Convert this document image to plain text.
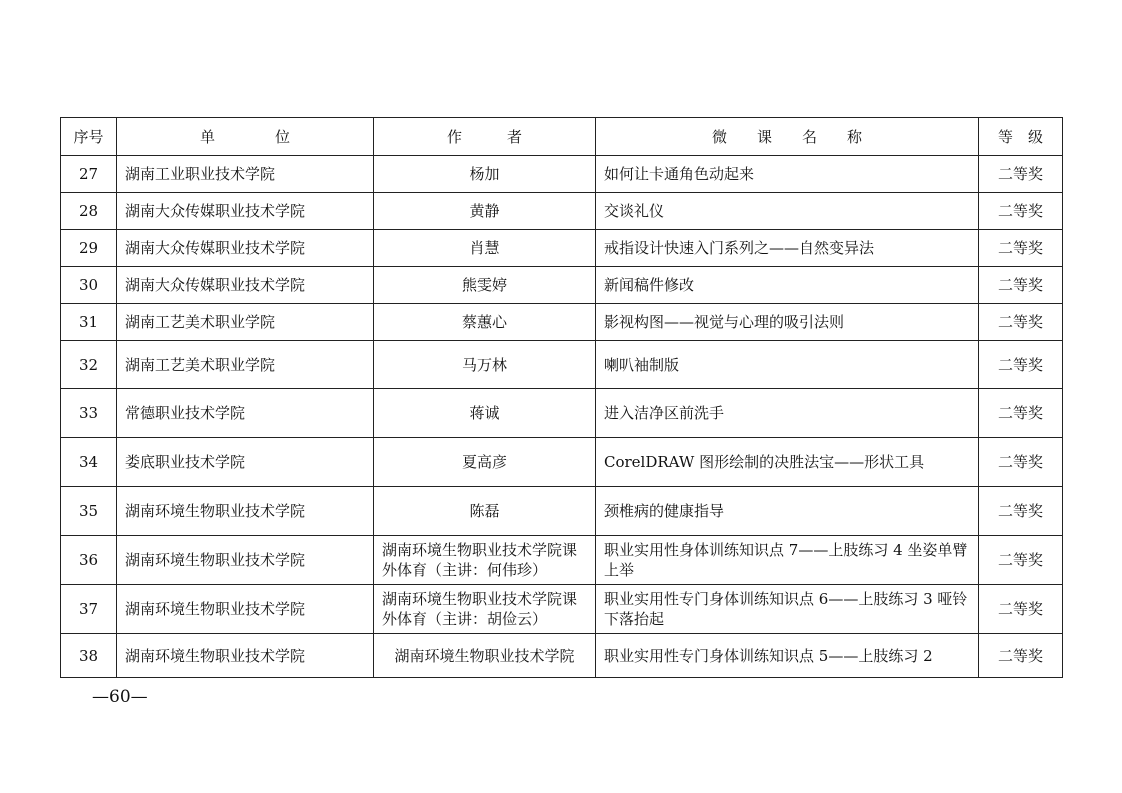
序号	单　　　　位	作　　　者	微　　课　　名　　称	等　级
27	湖南工业职业技术学院	杨加	如何让卡通角色动起来	二等奖
28	湖南大众传媒职业技术学院	黄静	交谈礼仪	二等奖
29	湖南大众传媒职业技术学院	肖慧	戒指设计快速入门系列之——自然变异法	二等奖
30	湖南大众传媒职业技术学院	熊雯婷	新闻稿件修改	二等奖
31	湖南工艺美术职业学院	蔡蕙心	影视构图——视觉与心理的吸引法则	二等奖
32	湖南工艺美术职业学院	马万林	喇叭袖制版	二等奖
33	常德职业技术学院	蒋诚	进入洁净区前洗手	二等奖
34	娄底职业技术学院	夏高彦	CorelDRAW 图形绘制的决胜法宝——形状工具	二等奖
35	湖南环境生物职业技术学院	陈磊	颈椎病的健康指导	二等奖
36	湖南环境生物职业技术学院	湖南环境生物职业技术学院课外体育（主讲：何伟珍）	职业实用性身体训练知识点 7——上肢练习 4 坐姿单臂上举	二等奖
37	湖南环境生物职业技术学院	湖南环境生物职业技术学院课外体育（主讲：胡俭云）	职业实用性专门身体训练知识点 6——上肢练习 3 哑铃下落抬起	二等奖
38	湖南环境生物职业技术学院	湖南环境生物职业技术学院	职业实用性专门身体训练知识点 5——上肢练习 2	二等奖
—60—
